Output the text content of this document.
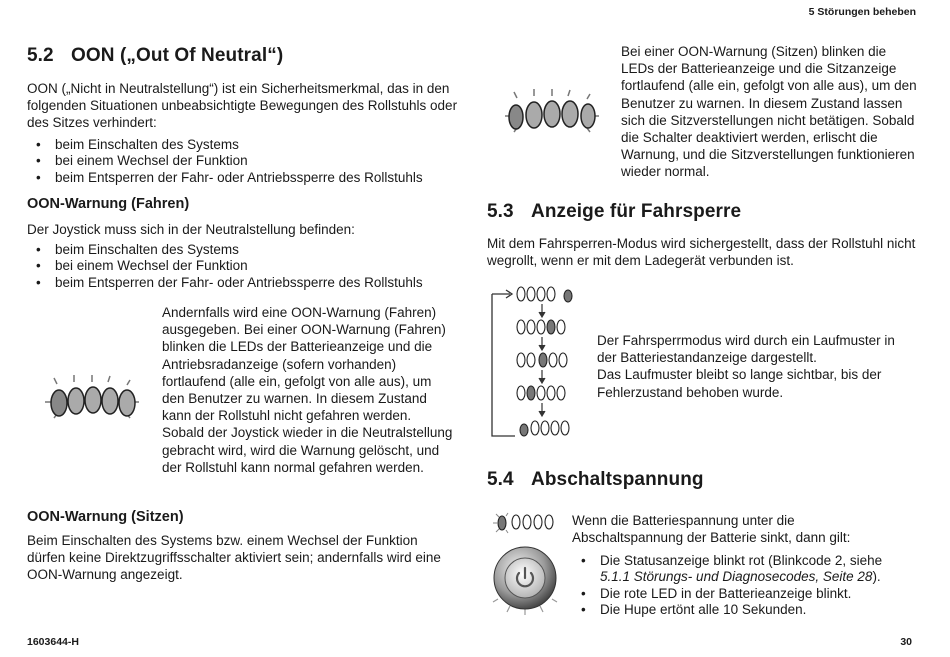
5 Störungen beheben
5.2 OON („Out Of Neutral“)
OON („Nicht in Neutralstellung“) ist ein Sicherheitsmerkmal, das in den folgenden Situationen unbeabsichtigte Bewegungen des Rollstuhls oder des Sitzes verhindert:
• beim Einschalten des Systems
• bei einem Wechsel der Funktion
• beim Entsperren der Fahr- oder Antriebssperre des Rollstuhls
OON-Warnung (Fahren)
Der Joystick muss sich in der Neutralstellung befinden:
• beim Einschalten des Systems
• bei einem Wechsel der Funktion
• beim Entsperren der Fahr- oder Antriebssperre des Rollstuhls
Andernfalls wird eine OON-Warnung (Fahren) ausgegeben. Bei einer OON-Warnung (Fahren) blinken die LEDs der Batterieanzeige und die Antriebsradanzeige (sofern vorhanden) fortlaufend (alle ein, gefolgt von alle aus), um den Benutzer zu warnen. In diesem Zustand kann der Rollstuhl nicht gefahren werden. Sobald der Joystick wieder in die Neutralstellung gebracht wird, wird die Warnung gelöscht, und der Rollstuhl kann normal gefahren werden.
OON-Warnung (Sitzen)
Beim Einschalten des Systems bzw. einem Wechsel der Funktion dürfen keine Direktzugriffsschalter aktiviert sein; andernfalls wird eine OON-Warnung angezeigt.
Bei einer OON-Warnung (Sitzen) blinken die LEDs der Batterieanzeige und die Sitzanzeige fortlaufend (alle ein, gefolgt von alle aus), um den Benutzer zu warnen. In diesem Zustand lassen sich die Sitzverstellungen nicht betätigen. Sobald die Schalter deaktiviert werden, erlischt die Warnung, und die Sitzverstellungen funktionieren wieder normal.
5.3 Anzeige für Fahrsperre
Mit dem Fahrsperren-Modus wird sichergestellt, dass der Rollstuhl nicht wegrollt, wenn er mit dem Ladegerät verbunden ist.
Der Fahrsperrmodus wird durch ein Laufmuster in der Batteriestandanzeige dargestellt.
Das Laufmuster bleibt so lange sichtbar, bis der Fehlerzustand behoben wurde.
5.4 Abschaltspannung
Wenn die Batteriespannung unter die Abschaltspannung der Batterie sinkt, dann gilt:
• Die Statusanzeige blinkt rot (Blinkcode 2, siehe 5.1.1 Störungs- und Diagnosecodes, Seite 28).
• Die rote LED in der Batterieanzeige blinkt.
• Die Hupe ertönt alle 10 Sekunden.
1603644-H	30
